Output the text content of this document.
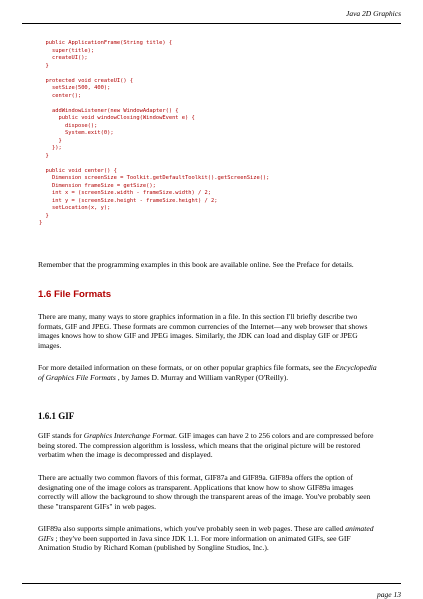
Java 2D Graphics
public ApplicationFrame(String title) {
super(title);
createUI();
}

protected void createUI() {
setSize(500, 400);
center();

addWindowListener(new WindowAdapter() {
public void windowClosing(WindowEvent e) {
dispose();
System.exit(0);
}
});
}

public void center() {
Dimension screenSize = Toolkit.getDefaultToolkit().getScreenSize();
Dimension frameSize = getSize();
int x = (screenSize.width - frameSize.width) / 2;
int y = (screenSize.height - frameSize.height) / 2;
setLocation(x, y);
}
}

Remember that the programming examples in this book are available online. See the Preface for details.

1.6 File Formats

There are many, many ways to store graphics information in a file. In this section I'll briefly describe two formats, GIF and JPEG. These formats are common currencies of the Internet—any web browser that shows images knows how to show GIF and JPEG images. Similarly, the JDK can load and display GIF or JPEG images.

For more detailed information on these formats, or on other popular graphics file formats, see the Encyclopedia of Graphics File Formats , by James D. Murray and William vanRyper (O'Reilly).

1.6.1 GIF

GIF stands for Graphics Interchange Format. GIF images can have 2 to 256 colors and are compressed before being stored. The compression algorithm is lossless, which means that the original picture will be restored verbatim when the image is decompressed and displayed.

There are actually two common flavors of this format, GIF87a and GIF89a. GIF89a offers the option of designating one of the image colors as transparent. Applications that know how to show GIF89a images correctly will allow the background to show through the transparent areas of the image. You've probably seen these "transparent GIFs" in web pages.

GIF89a also supports simple animations, which you've probably seen in web pages. These are called animated GIFs ; they've been supported in Java since JDK 1.1. For more information on animated GIFs, see GIF Animation Studio by Richard Koman (published by Songline Studios, Inc.).

page 13
